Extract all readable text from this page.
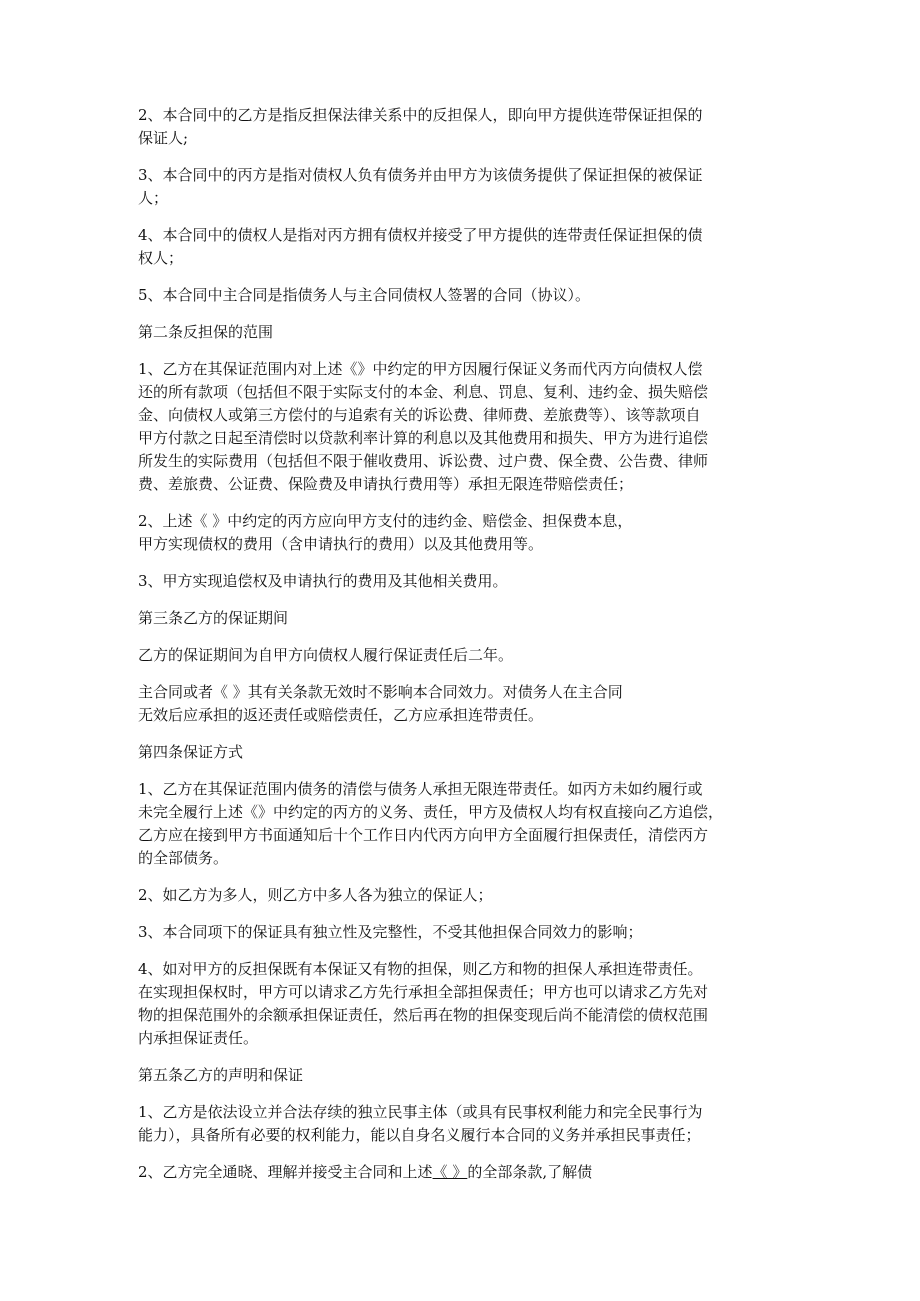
2、本合同中的乙方是指反担保法律关系中的反担保人，即向甲方提供连带保证担保的
保证人;

3、本合同中的丙方是指对债权人负有债务并由甲方为该债务提供了保证担保的被保证
人；

4、本合同中的债权人是指对丙方拥有债权并接受了甲方提供的连带责任保证担保的债
权人；

5、本合同中主合同是指债务人与主合同债权人签署的合同（协议）。

第二条反担保的范围

1、乙方在其保证范围内对上述《》中约定的甲方因履行保证义务而代丙方向债权人偿
还的所有款项（包括但不限于实际支付的本金、利息、罚息、复利、违约金、损失赔偿
金、向债权人或第三方偿付的与追索有关的诉讼费、律师费、差旅费等）、该等款项自
甲方付款之日起至清偿时以贷款利率计算的利息以及其他费用和损失、甲方为进行追偿
所发生的实际费用（包括但不限于催收费用、诉讼费、过户费、保全费、公告费、律师
费、差旅费、公证费、保险费及申请执行费用等）承担无限连带赔偿责任；

2、上述《 》中约定的丙方应向甲方支付的违约金、赔偿金、担保费本息，
甲方实现债权的费用（含申请执行的费用）以及其他费用等。

3、甲方实现追偿权及申请执行的费用及其他相关费用。

第三条乙方的保证期间

乙方的保证期间为自甲方向债权人履行保证责任后二年。

主合同或者《 》其有关条款无效时不影响本合同效力。对债务人在主合同
无效后应承担的返还责任或赔偿责任，乙方应承担连带责任。

第四条保证方式

1、乙方在其保证范围内债务的清偿与债务人承担无限连带责任。如丙方未如约履行或
未完全履行上述《》中约定的丙方的义务、责任，甲方及债权人均有权直接向乙方追偿，
乙方应在接到甲方书面通知后十个工作日内代丙方向甲方全面履行担保责任，清偿丙方
的全部债务。

2、如乙方为多人，则乙方中多人各为独立的保证人；

3、本合同项下的保证具有独立性及完整性，不受其他担保合同效力的影响；

4、如对甲方的反担保既有本保证又有物的担保，则乙方和物的担保人承担连带责任。
在实现担保权时，甲方可以请求乙方先行承担全部担保责任；甲方也可以请求乙方先对
物的担保范围外的余额承担保证责任，然后再在物的担保变现后尚不能清偿的债权范围
内承担保证责任。

第五条乙方的声明和保证

1、乙方是依法设立并合法存续的独立民事主体（或具有民事权利能力和完全民事行为
能力），具备所有必要的权利能力，能以自身名义履行本合同的义务并承担民事责任；

2、乙方完全通晓、理解并接受主合同和上述《 》的全部条款,了解债
